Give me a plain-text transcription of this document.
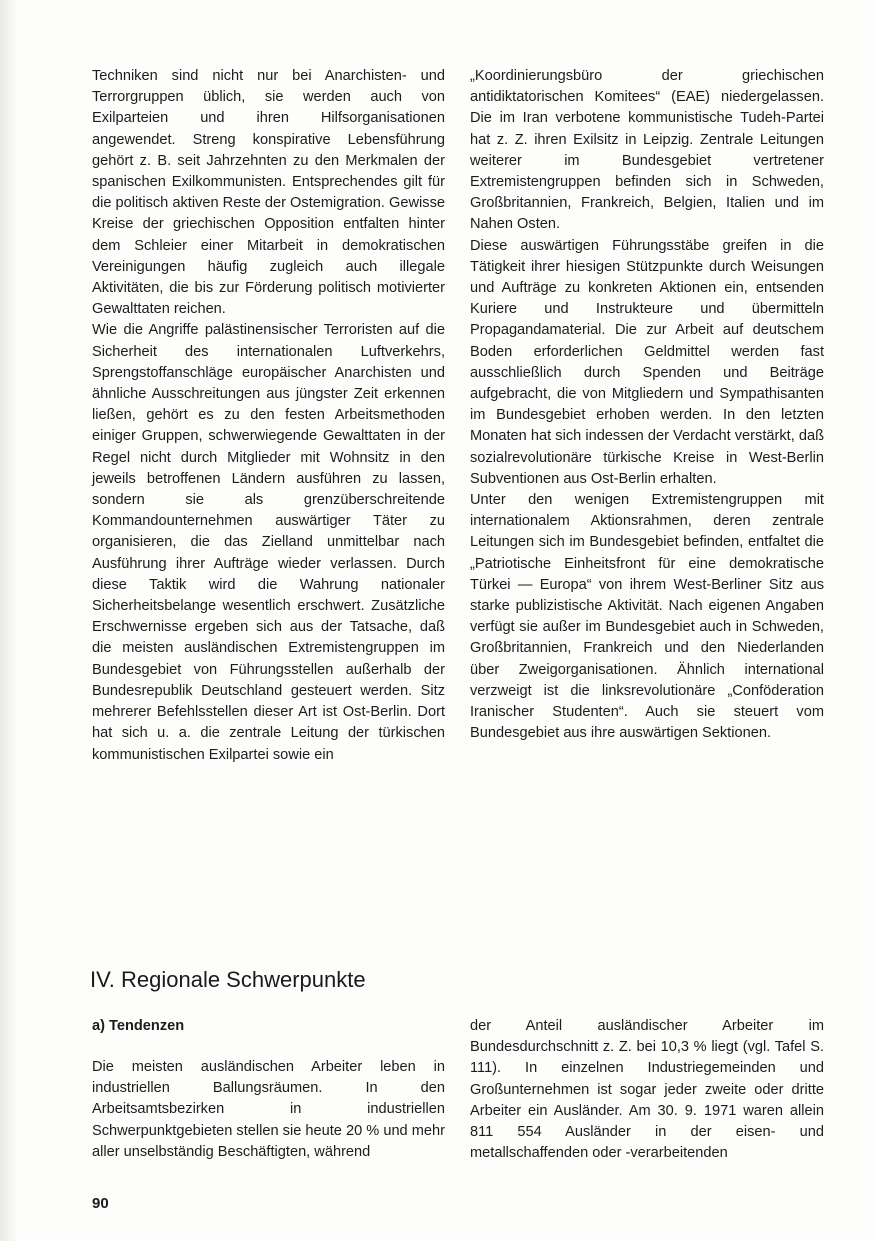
Techniken sind nicht nur bei Anarchisten- und Terrorgruppen üblich, sie werden auch von Exilparteien und ihren Hilfsorganisationen angewendet. Streng konspirative Lebensführung gehört z. B. seit Jahrzehnten zu den Merkmalen der spanischen Exilkommunisten. Entsprechendes gilt für die politisch aktiven Reste der Ostemigration. Gewisse Kreise der griechischen Opposition entfalten hinter dem Schleier einer Mitarbeit in demokratischen Vereinigungen häufig zugleich auch illegale Aktivitäten, die bis zur Förderung politisch motivierter Gewalttaten reichen.

Wie die Angriffe palästinensischer Terroristen auf die Sicherheit des internationalen Luftverkehrs, Sprengstoffanschläge europäischer Anarchisten und ähnliche Ausschreitungen aus jüngster Zeit erkennen ließen, gehört es zu den festen Arbeitsmethoden einiger Gruppen, schwerwiegende Gewalttaten in der Regel nicht durch Mitglieder mit Wohnsitz in den jeweils betroffenen Ländern ausführen zu lassen, sondern sie als grenzüberschreitende Kommandounternehmen auswärtiger Täter zu organisieren, die das Zielland unmittelbar nach Ausführung ihrer Aufträge wieder verlassen. Durch diese Taktik wird die Wahrung nationaler Sicherheitsbelange wesentlich erschwert. Zusätzliche Erschwernisse ergeben sich aus der Tatsache, daß die meisten ausländischen Extremistengruppen im Bundesgebiet von Führungsstellen außerhalb der Bundesrepublik Deutschland gesteuert werden. Sitz mehrerer Befehlsstellen dieser Art ist Ost-Berlin. Dort hat sich u. a. die zentrale Leitung der türkischen kommunistischen Exilpartei sowie ein

„Koordinierungsbüro der griechischen antidiktatorischen Komitees“ (EAE) niedergelassen. Die im Iran verbotene kommunistische Tudeh-Partei hat z. Z. ihren Exilsitz in Leipzig. Zentrale Leitungen weiterer im Bundesgebiet vertretener Extremistengruppen befinden sich in Schweden, Großbritannien, Frankreich, Belgien, Italien und im Nahen Osten.

Diese auswärtigen Führungsstäbe greifen in die Tätigkeit ihrer hiesigen Stützpunkte durch Weisungen und Aufträge zu konkreten Aktionen ein, entsenden Kuriere und Instrukteure und übermitteln Propagandamaterial. Die zur Arbeit auf deutschem Boden erforderlichen Geldmittel werden fast ausschließlich durch Spenden und Beiträge aufgebracht, die von Mitgliedern und Sympathisanten im Bundesgebiet erhoben werden. In den letzten Monaten hat sich indessen der Verdacht verstärkt, daß sozialrevolutionäre türkische Kreise in West-Berlin Subventionen aus Ost-Berlin erhalten.

Unter den wenigen Extremistengruppen mit internationalem Aktionsrahmen, deren zentrale Leitungen sich im Bundesgebiet befinden, entfaltet die „Patriotische Einheitsfront für eine demokratische Türkei — Europa“ von ihrem West-Berliner Sitz aus starke publizistische Aktivität. Nach eigenen Angaben verfügt sie außer im Bundesgebiet auch in Schweden, Großbritannien, Frankreich und den Niederlanden über Zweigorganisationen. Ähnlich international verzweigt ist die linksrevolutionäre „Conföderation Iranischer Studenten“. Auch sie steuert vom Bundesgebiet aus ihre auswärtigen Sektionen.

IV. Regionale Schwerpunkte
a) Tendenzen

Die meisten ausländischen Arbeiter leben in industriellen Ballungsräumen. In den Arbeitsamtsbezirken in industriellen Schwerpunktgebieten stellen sie heute 20 % und mehr aller unselbständig Beschäftigten, während

der Anteil ausländischer Arbeiter im Bundesdurchschnitt z. Z. bei 10,3 % liegt (vgl. Tafel S. 111). In einzelnen Industriegemeinden und Großunternehmen ist sogar jeder zweite oder dritte Arbeiter ein Ausländer. Am 30. 9. 1971 waren allein 811 554 Ausländer in der eisen- und metallschaffenden oder -verarbeitenden

90
